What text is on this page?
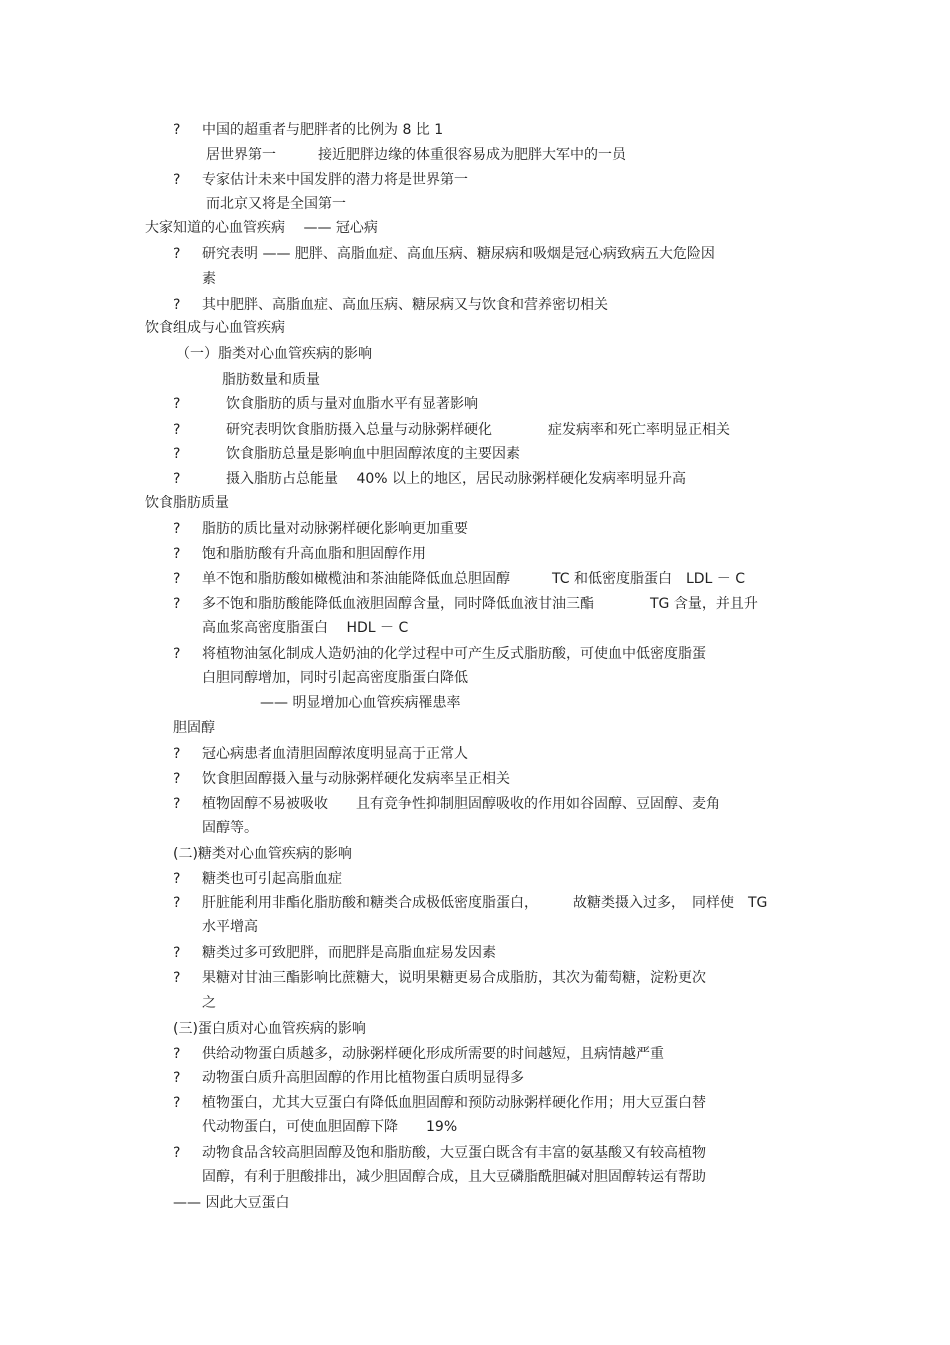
? 中国的超重者与肥胖者的比例为 8 比 1
居世界第一　　　接近肥胖边缘的体重很容易成为肥胖大军中的一员
? 专家估计未来中国发胖的潜力将是世界第一
而北京又将是全国第一
大家知道的心血管疾病　 —— 冠心病
? 研究表明 —— 肥胖、高脂血症、高血压病、糖尿病和吸烟是冠心病致病五大危险因
素
? 其中肥胖、高脂血症、高血压病、糖尿病又与饮食和营养密切相关
饮食组成与心血管疾病
（一）脂类对心血管疾病的影响
脂肪数量和质量
?	饮食脂肪的质与量对血脂水平有显著影响
?	研究表明饮食脂肪摄入总量与动脉粥样硬化　　　　症发病率和死亡率明显正相关
?	饮食脂肪总量是影响血中胆固醇浓度的主要因素
?	摄入脂肪占总能量　 40% 以上的地区，居民动脉粥样硬化发病率明显升高
饮食脂肪质量
? 脂肪的质比量对动脉粥样硬化影响更加重要
? 饱和脂肪酸有升高血脂和胆固醇作用
? 单不饱和脂肪酸如橄榄油和茶油能降低血总胆固醇　　　TC 和低密度脂蛋白　LDL － C
? 多不饱和脂肪酸能降低血液胆固醇含量，同时降低血液甘油三酯　　　　TG 含量，并且升
高血浆高密度脂蛋白　 HDL － C
? 将植物油氢化制成人造奶油的化学过程中可产生反式脂肪酸，可使血中低密度脂蛋
白胆同醇增加，同时引起高密度脂蛋白降低
—— 明显增加心血管疾病罹患率
胆固醇
? 冠心病患者血清胆固醇浓度明显高于正常人
? 饮食胆固醇摄入量与动脉粥样硬化发病率呈正相关
? 植物固醇不易被吸收　　且有竞争性抑制胆固醇吸收的作用如谷固醇、豆固醇、麦角
固醇等。
(二)糖类对心血管疾病的影响
? 糖类也可引起高脂血症
? 肝脏能利用非酯化脂肪酸和糖类合成极低密度脂蛋白，　　　故糖类摄入过多，　同样使　TG
水平增高
? 糖类过多可致肥胖，而肥胖是高脂血症易发因素
? 果糖对甘油三酯影响比蔗糖大，说明果糖更易合成脂肪，其次为葡萄糖，淀粉更次
之
(三)蛋白质对心血管疾病的影响
? 供给动物蛋白质越多，动脉粥样硬化形成所需要的时间越短，且病情越严重
? 动物蛋白质升高胆固醇的作用比植物蛋白质明显得多
? 植物蛋白，尤其大豆蛋白有降低血胆固醇和预防动脉粥样硬化作用；用大豆蛋白替
代动物蛋白，可使血胆固醇下降　　19%
? 动物食品含较高胆固醇及饱和脂肪酸，大豆蛋白既含有丰富的氨基酸又有较高植物
固醇，有利于胆酸排出，减少胆固醇合成，且大豆磷脂酰胆碱对胆固醇转运有帮助
—— 因此大豆蛋白
